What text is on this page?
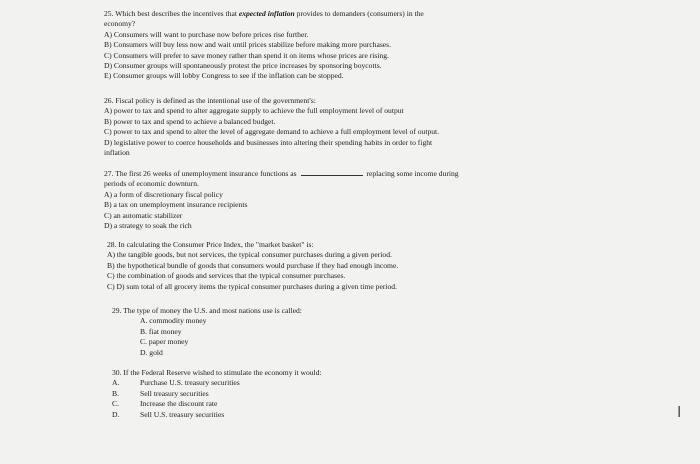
25. Which best describes the incentives that expected inflation provides to demanders (consumers) in the
economy?
A) Consumers will want to purchase now before prices rise further.
B) Consumers will buy less now and wait until prices stabilize before making more purchases.
C) Consumers will prefer to save money rather than spend it on items whose prices are rising.
D) Consumer groups will spontaneously protest the price increases by sponsoring boycotts.
E) Consumer groups will lobby Congress to see if the inflation can be stopped.
26. Fiscal policy is defined as the intentional use of the government's:
A) power to tax and spend to alter aggregate supply to achieve the full employment level of output
B) power to tax and spend to achieve a balanced budget.
C) power to tax and spend to alter the level of aggregate demand to achieve a full employment level of output.
D) legislative power to coerce households and businesses into altering their spending habits in order to fight
inflation
27. The first 26 weeks of unemployment insurance functions as	replacing some income during
periods of economic downturn.
A) a form of discretionary fiscal policy
B) a tax on unemployment insurance recipients
C) an automatic stabilizer
D) a strategy to soak the rich
28. In calculating the Consumer Price Index, the "market basket" is:
A) the tangible goods, but not services, the typical consumer purchases during a given period.
B) the hypothetical bundle of goods that consumers would purchase if they had enough income.
C) the combination of goods and services that the typical consumer purchases.
C) D) sum total of all grocery items the typical consumer purchases during a given time period.
29. The type of money the U.S. and most nations use is called:
A. commodity money
B. fiat money
C. paper money
D. gold
30. If the Federal Reserve wished to stimulate the economy it would:
A.	Purchase U.S. treasury securities
B.	Sell treasury securities
C.	Increase the discount rate
D.	Sell U.S. treasury securities	I
